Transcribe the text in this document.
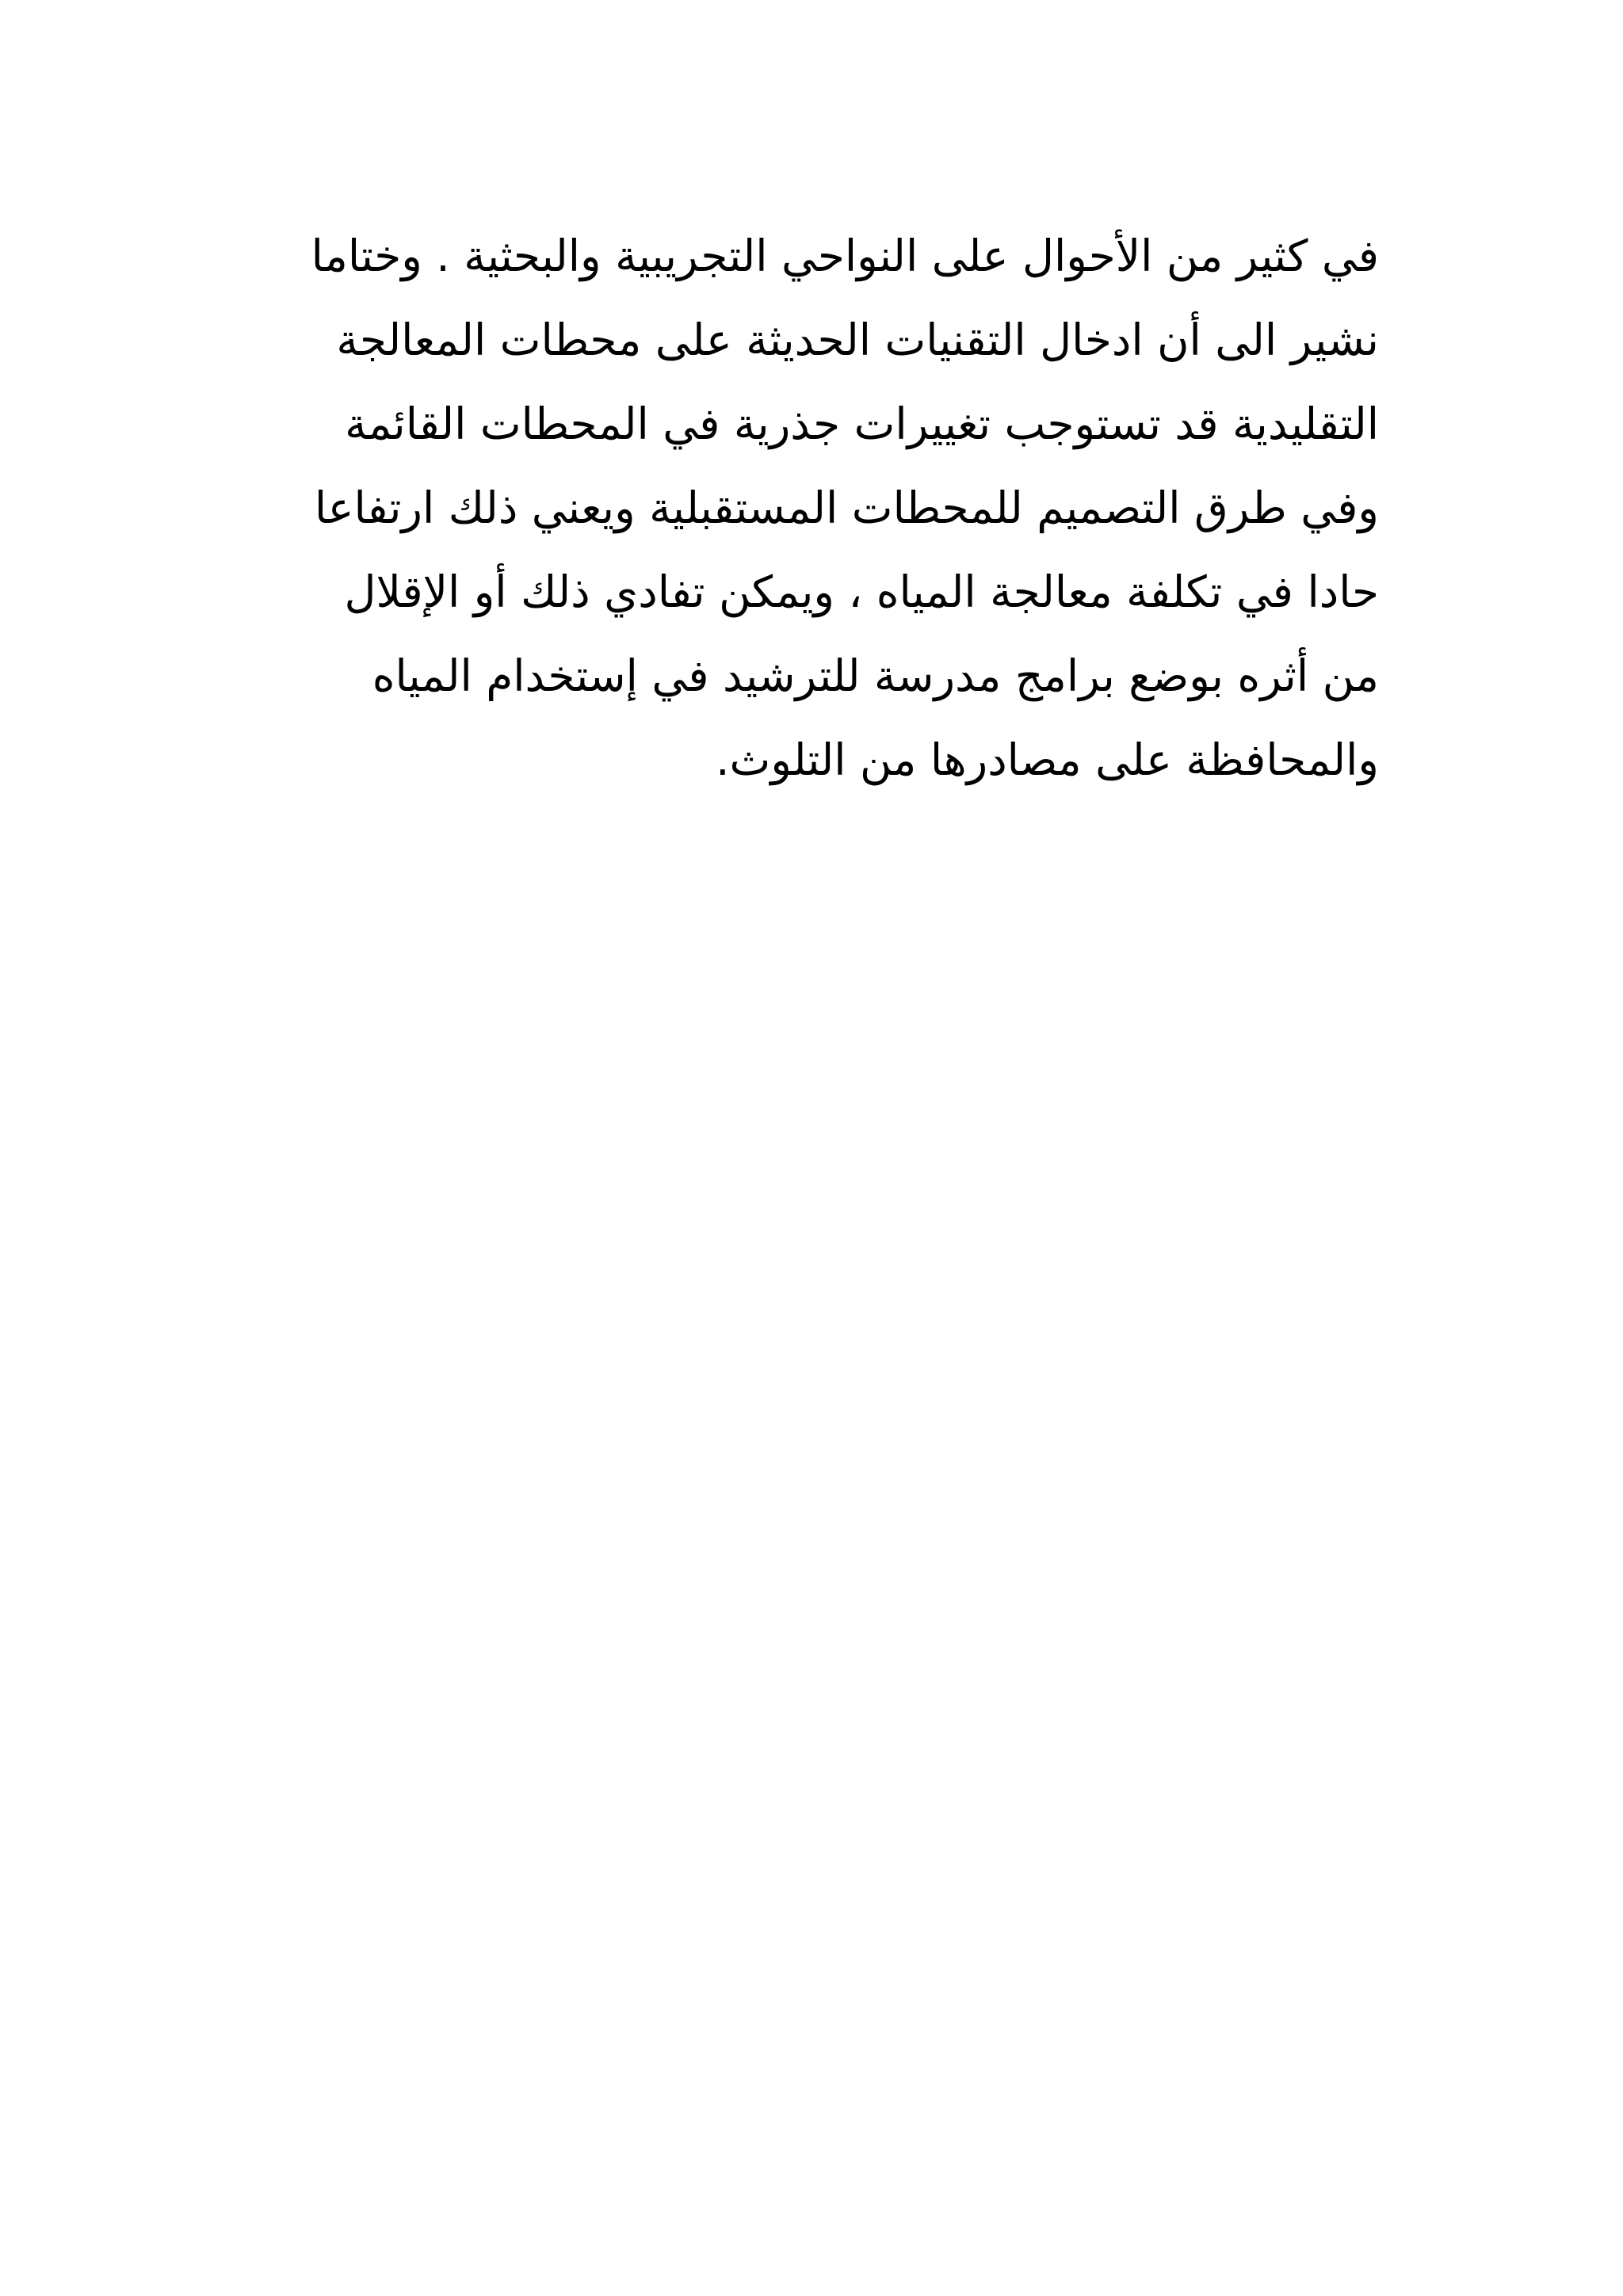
في كثير من الأحوال على النواحي التجريبية والبحثية . وختاما
نشير الى أن ادخال التقنيات الحديثة على محطات المعالجة
التقليدية قد تستوجب تغييرات جذرية في المحطات القائمة
وفي طرق التصميم للمحطات المستقبلية ويعني ذلك ارتفاعا
حادا في تكلفة معالجة المياه ، ويمكن تفادي ذلك أو الإقلال
من أثره بوضع برامج مدرسة للترشيد في إستخدام المياه
والمحافظة على مصادرها من التلوث.
